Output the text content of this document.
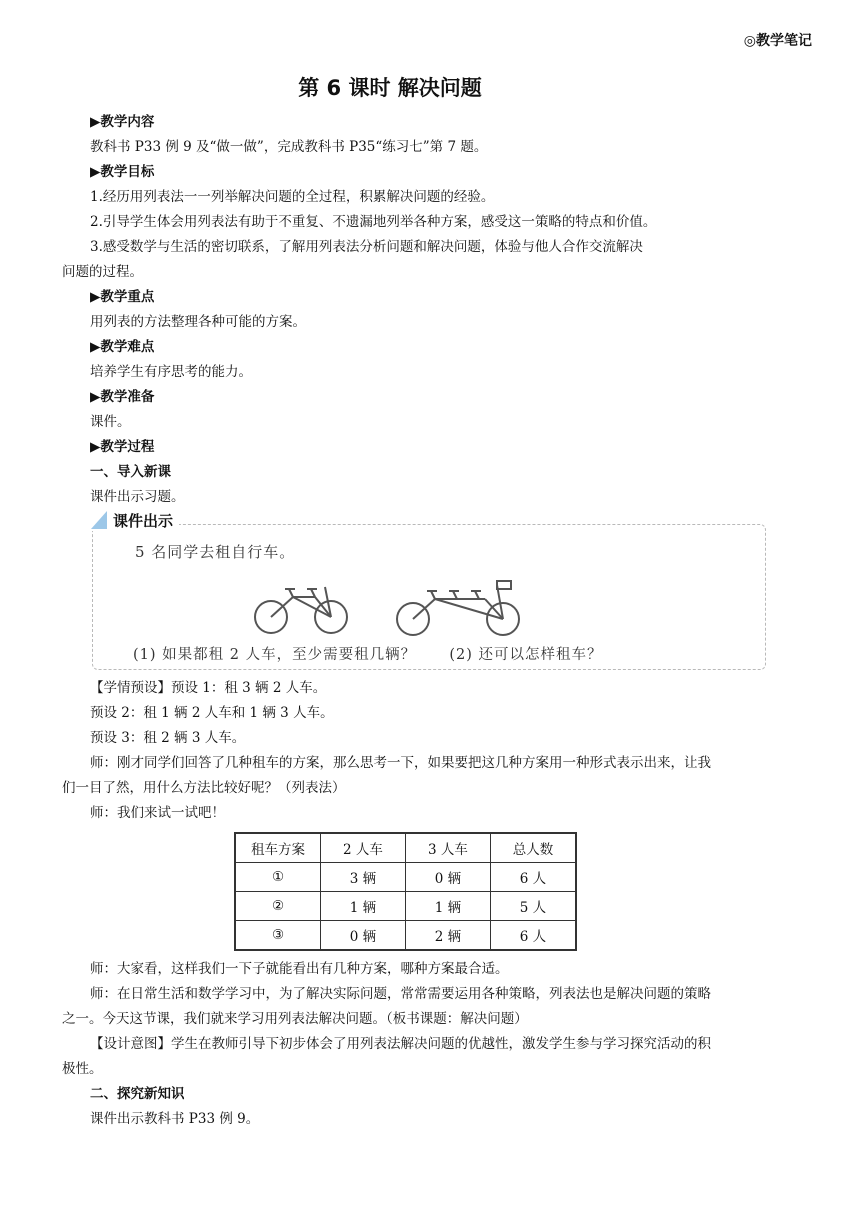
◎教学笔记
第 6 课时 解决问题
▶教学内容
教科书 P33 例 9 及“做一做”，完成教科书 P35“练习七”第 7 题。
▶教学目标
1.经历用列表法一一列举解决问题的全过程，积累解决问题的经验。
2.引导学生体会用列表法有助于不重复、不遗漏地列举各种方案，感受这一策略的特点和价值。
3.感受数学与生活的密切联系，了解用列表法分析问题和解决问题，体验与他人合作交流解决
问题的过程。
▶教学重点
用列表的方法整理各种可能的方案。
▶教学难点
培养学生有序思考的能力。
▶教学准备
课件。
▶教学过程
一、导入新课
课件出示习题。
课件出示
5 名同学去租自行车。
(1) 如果都租 2 人车，至少需要租几辆？ (2) 还可以怎样租车？
【学情预设】预设 1：租 3 辆 2 人车。
预设 2：租 1 辆 2 人车和 1 辆 3 人车。
预设 3：租 2 辆 3 人车。
师：刚才同学们回答了几种租车的方案，那么思考一下，如果要把这几种方案用一种形式表示出来，让我们一目了然，用什么方法比较好呢？（列表法）
师：我们来试一试吧！
租车方案	2 人车	3 人车	总人数
①	3 辆	0 辆	6 人
②	1 辆	1 辆	5 人
③	0 辆	2 辆	6 人
师：大家看，这样我们一下子就能看出有几种方案，哪种方案最合适。
师：在日常生活和数学学习中，为了解决实际问题，常常需要运用各种策略，列表法也是解决问题的策略之一。今天这节课，我们就来学习用列表法解决问题。（板书课题：解决问题）
【设计意图】学生在教师引导下初步体会了用列表法解决问题的优越性，激发学生参与学习探究活动的积极性。
二、探究新知识
课件出示教科书 P33 例 9。
